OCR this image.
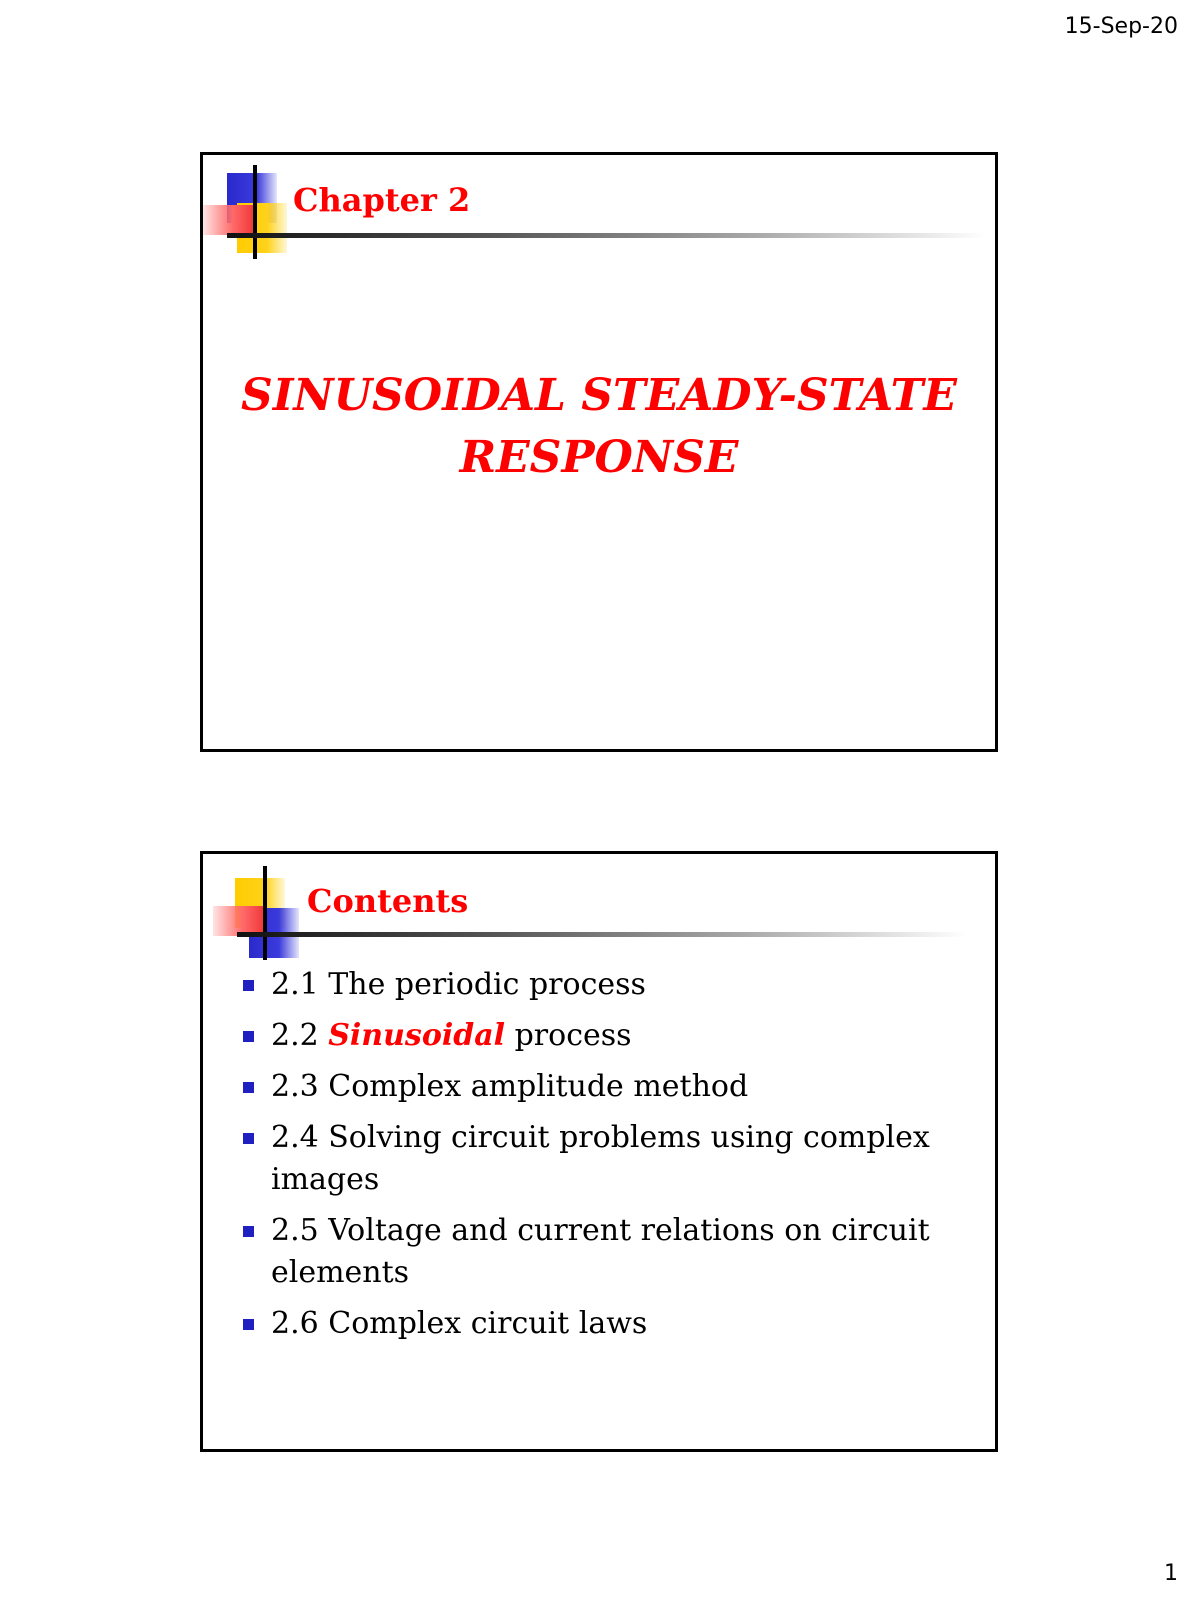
15-Sep-20
Chapter 2
SINUSOIDAL STEADY-STATE
RESPONSE
Contents
2.1 The periodic process
2.2 Sinusoidal process
2.3 Complex amplitude method
2.4 Solving circuit problems using complex images
2.5 Voltage and current relations on circuit elements
2.6 Complex circuit laws
1
